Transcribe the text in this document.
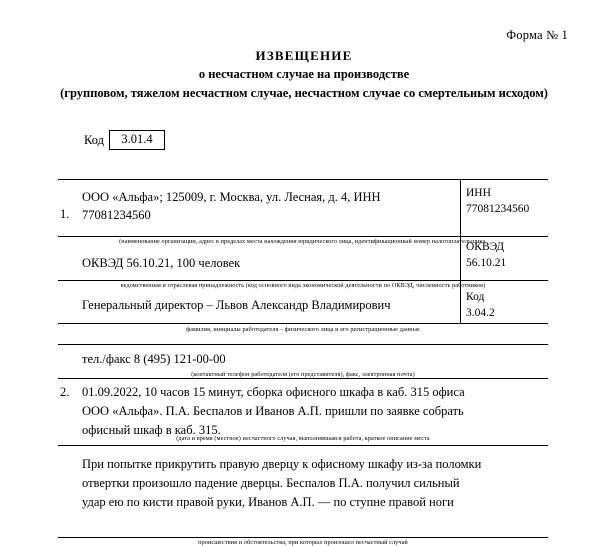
Форма № 1
ИЗВЕЩЕНИЕ
о несчастном случае на производстве
(групповом, тяжелом несчастном случае, несчастном случае со смертельным исходом)
Код	3.01.4
ИНН
77081234560
ОКВЭД
56.10.21
Код
3.04.2
1.
ООО «Альфа»; 125009, г. Москва, ул. Лесная, д. 4, ИНН 77081234560
(наименование организации, адрес в пределах места нахождения юридического лица, идентификационный номер налогоплательщика,
ОКВЭД 56.10.21, 100 человек
ведомственная и отраслевая принадлежность (код основного вида экономической деятельности по ОКВЭД, численность работников)
Генеральный директор – Львов Александр Владимирович
фамилия, инициалы работодателя – физического лица и его регистрационные данные
тел./факс 8 (495) 121-00-00
(контактный телефон работодателя (его представителя), факс, электронная почта)
2. 01.09.2022, 10 часов 15 минут, сборка офисного шкафа в каб. 315 офиса ООО «Альфа». П.А. Беспалов и Иванов А.П. пришли по заявке собрать офисный шкаф в каб. 315.
(дата и время (местное) несчастного случая, выполнявшаяся работа, краткое описание места
При попытке прикрутить правую дверцу к офисному шкафу из-за поломки отвертки произошло падение дверцы. Беспалов П.А. получил сильный удар ею по кисти правой руки, Иванов А.П. — по ступне правой ноги
происшествия и обстоятельства, при которых произошел несчастный случай
